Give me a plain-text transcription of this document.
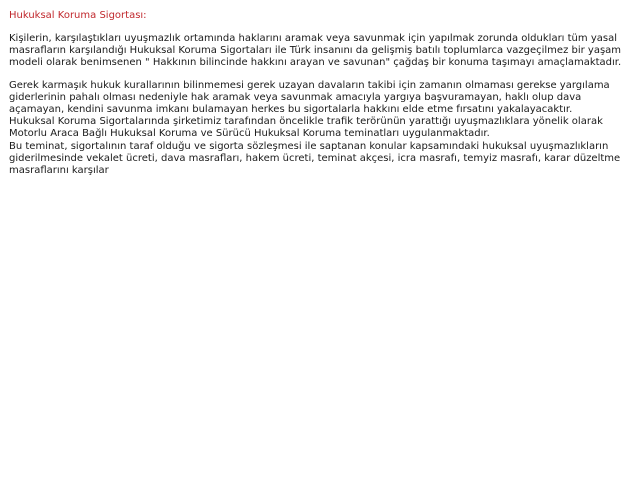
Hukuksal Koruma Sigortası:

Kişilerin, karşılaştıkları uyuşmazlık ortamında haklarını aramak veya savunmak için yapılmak zorunda oldukları tüm yasal masrafların karşılandığı Hukuksal Koruma Sigortaları ile Türk insanını da gelişmiş batılı toplumlarca vazgeçilmez bir yaşam modeli olarak benimsenen " Hakkının bilincinde hakkını arayan ve savunan" çağdaş bir konuma taşımayı amaçlamaktadır.

Gerek karmaşık hukuk kurallarının bilinmemesi gerek uzayan davaların takibi için zamanın olmaması gerekse yargılama giderlerinin pahalı olması nedeniyle hak aramak veya savunmak amacıyla yargıya başvuramayan, haklı olup dava açamayan, kendini savunma imkanı bulamayan herkes bu sigortalarla hakkını elde etme fırsatını yakalayacaktır.

Hukuksal Koruma Sigortalarında şirketimiz tarafından öncelikle trafik terörünün yarattığı uyuşmazlıklara yönelik olarak Motorlu Araca Bağlı Hukuksal Koruma ve Sürücü Hukuksal Koruma teminatları uygulanmaktadır.

Bu teminat, sigortalının taraf olduğu ve sigorta sözleşmesi ile saptanan konular kapsamındaki hukuksal uyuşmazlıkların giderilmesinde vekalet ücreti, dava masrafları, hakem ücreti, teminat akçesi, icra masrafı, temyiz masrafı, karar düzeltme masraflarını karşılar
